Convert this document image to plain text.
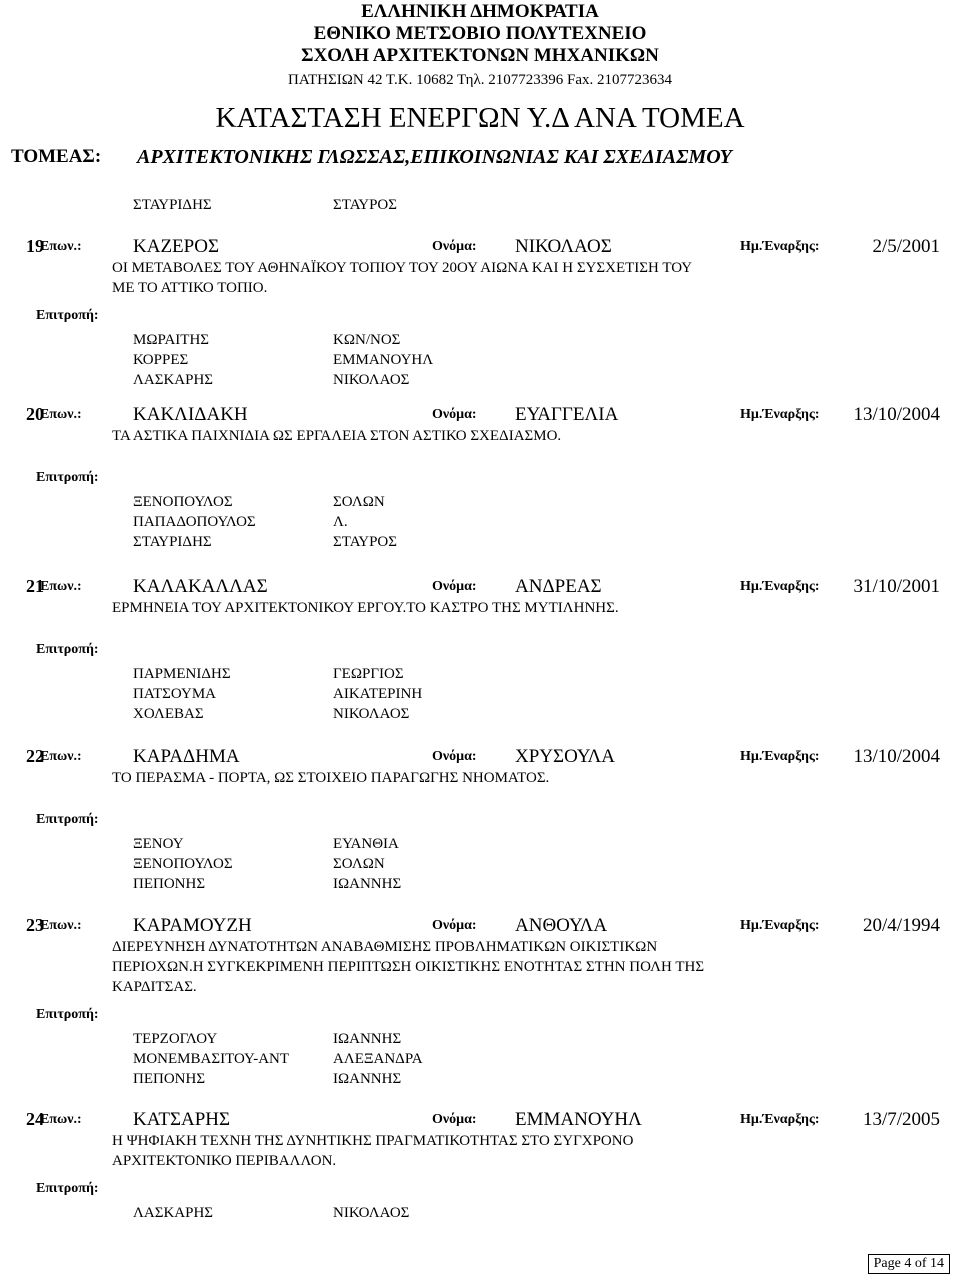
ΕΛΛΗΝΙΚΗ ΔΗΜΟΚΡΑΤΙΑ
ΕΘΝΙΚΟ ΜΕΤΣΟΒΙΟ ΠΟΛΥΤΕΧΝΕΙΟ
ΣΧΟΛΗ ΑΡΧΙΤΕΚΤΟΝΩΝ ΜΗΧΑΝΙΚΩΝ
ΠΑΤΗΣΙΩΝ 42 Τ.Κ. 10682 Τηλ. 2107723396 Fax. 2107723634
ΚΑΤΑΣΤΑΣΗ ΕΝΕΡΓΩΝ Υ.Δ ΑΝΑ ΤΟΜΕΑ
ΤΟΜΕΑΣ: ΑΡΧΙΤΕΚΤΟΝΙΚΗΣ ΓΛΩΣΣΑΣ,ΕΠΙΚΟΙΝΩΝΙΑΣ ΚΑΙ ΣΧΕΔΙΑΣΜΟΥ
ΣΤΑΥΡΙΔΗΣ	ΣΤΑΥΡΟΣ
19
Επων.:	ΚΑΖΕΡΟΣ	Ονόμα: ΝΙΚΟΛΑΟΣ	Ημ.Έναρξης:	2/5/2001
ΟΙ ΜΕΤΑΒΟΛΕΣ ΤΟΥ ΑΘΗΝΑΪΚΟΥ ΤΟΠΙΟΥ ΤΟΥ 20ΟΥ ΑΙΩΝΑ ΚΑΙ Η ΣΥΣΧΕΤΙΣΗ ΤΟΥ
ΜΕ ΤΟ ΑΤΤΙΚΟ ΤΟΠΙΟ.
Επιτροπή:
ΜΩΡΑΙΤΗΣ	ΚΩΝ/ΝΟΣ
ΚΟΡΡΕΣ	ΕΜΜΑΝΟΥΗΛ
ΛΑΣΚΑΡΗΣ	ΝΙΚΟΛΑΟΣ
20
Επων.:	ΚΑΚΛΙΔΑΚΗ	Ονόμα: ΕΥΑΓΓΕΛΙΑ	Ημ.Έναρξης: 13/10/2004
ΤΑ ΑΣΤΙΚΑ ΠΑΙΧΝΙΔΙΑ ΩΣ ΕΡΓΑΛΕΙΑ ΣΤΟΝ ΑΣΤΙΚΟ ΣΧΕΔΙΑΣΜΟ.
Επιτροπή:
ΞΕΝΟΠΟΥΛΟΣ	ΣΟΛΩΝ
ΠΑΠΑΔΟΠΟΥΛΟΣ	Λ.
ΣΤΑΥΡΙΔΗΣ	ΣΤΑΥΡΟΣ
21
Επων.:	ΚΑΛΑΚΑΛΛΑΣ	Ονόμα: ΑΝΔΡΕΑΣ	Ημ.Έναρξης: 31/10/2001
ΕΡΜΗΝΕΙΑ ΤΟΥ ΑΡΧΙΤΕΚΤΟΝΙΚΟΥ ΕΡΓΟΥ.ΤΟ ΚΑΣΤΡΟ ΤΗΣ ΜΥΤΙΛΗΝΗΣ.
Επιτροπή:
ΠΑΡΜΕΝΙΔΗΣ	ΓΕΩΡΓΙΟΣ
ΠΑΤΣΟΥΜΑ	ΑΙΚΑΤΕΡΙΝΗ
ΧΟΛΕΒΑΣ	ΝΙΚΟΛΑΟΣ
22
Επων.:	ΚΑΡΑΔΗΜΑ	Ονόμα: ΧΡΥΣΟΥΛΑ	Ημ.Έναρξης: 13/10/2004
ΤΟ ΠΕΡΑΣΜΑ - ΠΟΡΤΑ, ΩΣ ΣΤΟΙΧΕΙΟ ΠΑΡΑΓΩΓΗΣ ΝΗΟΜΑΤΟΣ.
Επιτροπή:
ΞΕΝΟΥ	ΕΥΑΝΘΙΑ
ΞΕΝΟΠΟΥΛΟΣ	ΣΟΛΩΝ
ΠΕΠΟΝΗΣ	ΙΩΑΝΝΗΣ
23
Επων.:	ΚΑΡΑΜΟΥΖΗ	Ονόμα: ΑΝΘΟΥΛΑ	Ημ.Έναρξης: 20/4/1994
ΔΙΕΡΕΥΝΗΣΗ ΔΥΝΑΤΟΤΗΤΩΝ ΑΝΑΒΑΘΜΙΣΗΣ ΠΡΟΒΛΗΜΑΤΙΚΩΝ ΟΙΚΙΣΤΙΚΩΝ
ΠΕΡΙΟΧΩΝ.Η ΣΥΓΚΕΚΡΙΜΕΝΗ ΠΕΡΙΠΤΩΣΗ ΟΙΚΙΣΤΙΚΗΣ ΕΝΟΤΗΤΑΣ ΣΤΗΝ ΠΟΛΗ ΤΗΣ
ΚΑΡΔΙΤΣΑΣ.
Επιτροπή:
ΤΕΡΖΟΓΛΟΥ	ΙΩΑΝΝΗΣ
ΜΟΝΕΜΒΑΣΙΤΟΥ-ΑΝΤ	ΑΛΕΞΑΝΔΡΑ
ΠΕΠΟΝΗΣ	ΙΩΑΝΝΗΣ
24
Επων.:	ΚΑΤΣΑΡΗΣ	Ονόμα: ΕΜΜΑΝΟΥΗΛ	Ημ.Έναρξης: 13/7/2005
Η ΨΗΦΙΑΚΗ ΤΕΧΝΗ ΤΗΣ ΔΥΝΗΤΙΚΗΣ ΠΡΑΓΜΑΤΙΚΟΤΗΤΑΣ ΣΤΟ ΣΥΓΧΡΟΝΟ
ΑΡΧΙΤΕΚΤΟΝΙΚΟ ΠΕΡΙΒΑΛΛΟΝ.
Επιτροπή:
ΛΑΣΚΑΡΗΣ	ΝΙΚΟΛΑΟΣ
Page 4 of 14
